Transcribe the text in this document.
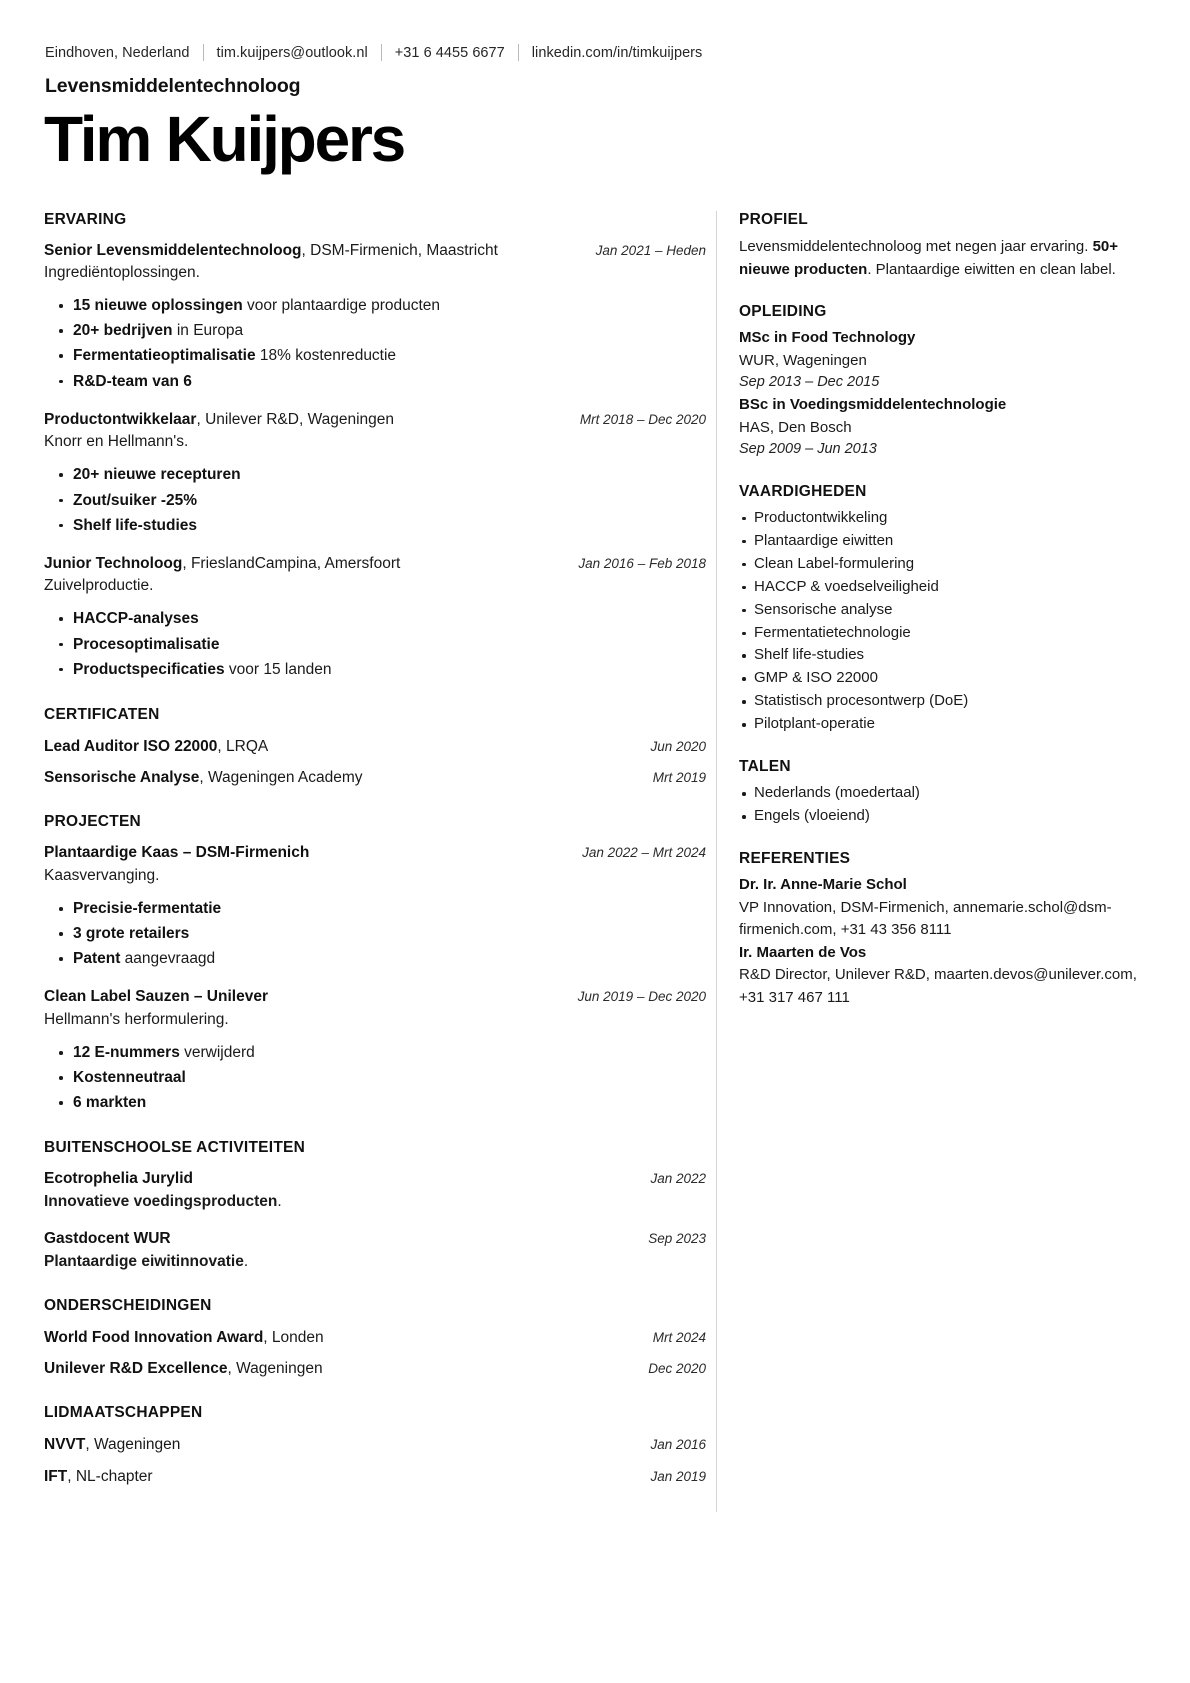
Eindhoven, Nederland tim.kuijpers@outlook.nl +31 6 4455 6677 linkedin.com/in/timkuijpers
Levensmiddelentechnoloog
Tim Kuijpers
ERVARING
Senior Levensmiddelentechnoloog, DSM-Firmenich, Maastricht	Jan 2021 – Heden
Ingrediëntoplossingen.
15 nieuwe oplossingen voor plantaardige producten
20+ bedrijven in Europa
Fermentatieoptimalisatie 18% kostenreductie
R&D-team van 6
Productontwikkelaar, Unilever R&D, Wageningen	Mrt 2018 – Dec 2020
Knorr en Hellmann's.
20+ nieuwe recepturen
Zout/suiker -25%
Shelf life-studies
Junior Technoloog, FrieslandCampina, Amersfoort	Jan 2016 – Feb 2018
Zuivelproductie.
HACCP-analyses
Procesoptimalisatie
Productspecificaties voor 15 landen
CERTIFICATEN
Lead Auditor ISO 22000, LRQA	Jun 2020
Sensorische Analyse, Wageningen Academy	Mrt 2019
PROJECTEN
Plantaardige Kaas – DSM-Firmenich	Jan 2022 – Mrt 2024
Kaasvervanging.
Precisie-fermentatie
3 grote retailers
Patent aangevraagd
Clean Label Sauzen – Unilever	Jun 2019 – Dec 2020
Hellmann's herformulering.
12 E-nummers verwijderd
Kostenneutraal
6 markten
BUITENSCHOOLSE ACTIVITEITEN
Ecotrophelia Jurylid	Jan 2022
Innovatieve voedingsproducten.
Gastdocent WUR	Sep 2023
Plantaardige eiwitinnovatie.
ONDERSCHEIDINGEN
World Food Innovation Award, Londen	Mrt 2024
Unilever R&D Excellence, Wageningen	Dec 2020
LIDMAATSCHAPPEN
NVVT, Wageningen	Jan 2016
IFT, NL-chapter	Jan 2019
PROFIEL
Levensmiddelentechnoloog met negen jaar ervaring. 50+ nieuwe producten. Plantaardige eiwitten en clean label.
OPLEIDING
MSc in Food Technology
WUR, Wageningen
Sep 2013 – Dec 2015
BSc in Voedingsmiddelentechnologie
HAS, Den Bosch
Sep 2009 – Jun 2013
VAARDIGHEDEN
Productontwikkeling
Plantaardige eiwitten
Clean Label-formulering
HACCP & voedselveiligheid
Sensorische analyse
Fermentatietechnologie
Shelf life-studies
GMP & ISO 22000
Statistisch procesontwerp (DoE)
Pilotplant-operatie
TALEN
Nederlands (moedertaal)
Engels (vloeiend)
REFERENTIES
Dr. Ir. Anne-Marie Schol
VP Innovation, DSM-Firmenich, annemarie.schol@dsm-firmenich.com, +31 43 356 8111
Ir. Maarten de Vos
R&D Director, Unilever R&D, maarten.devos@unilever.com, +31 317 467 111
